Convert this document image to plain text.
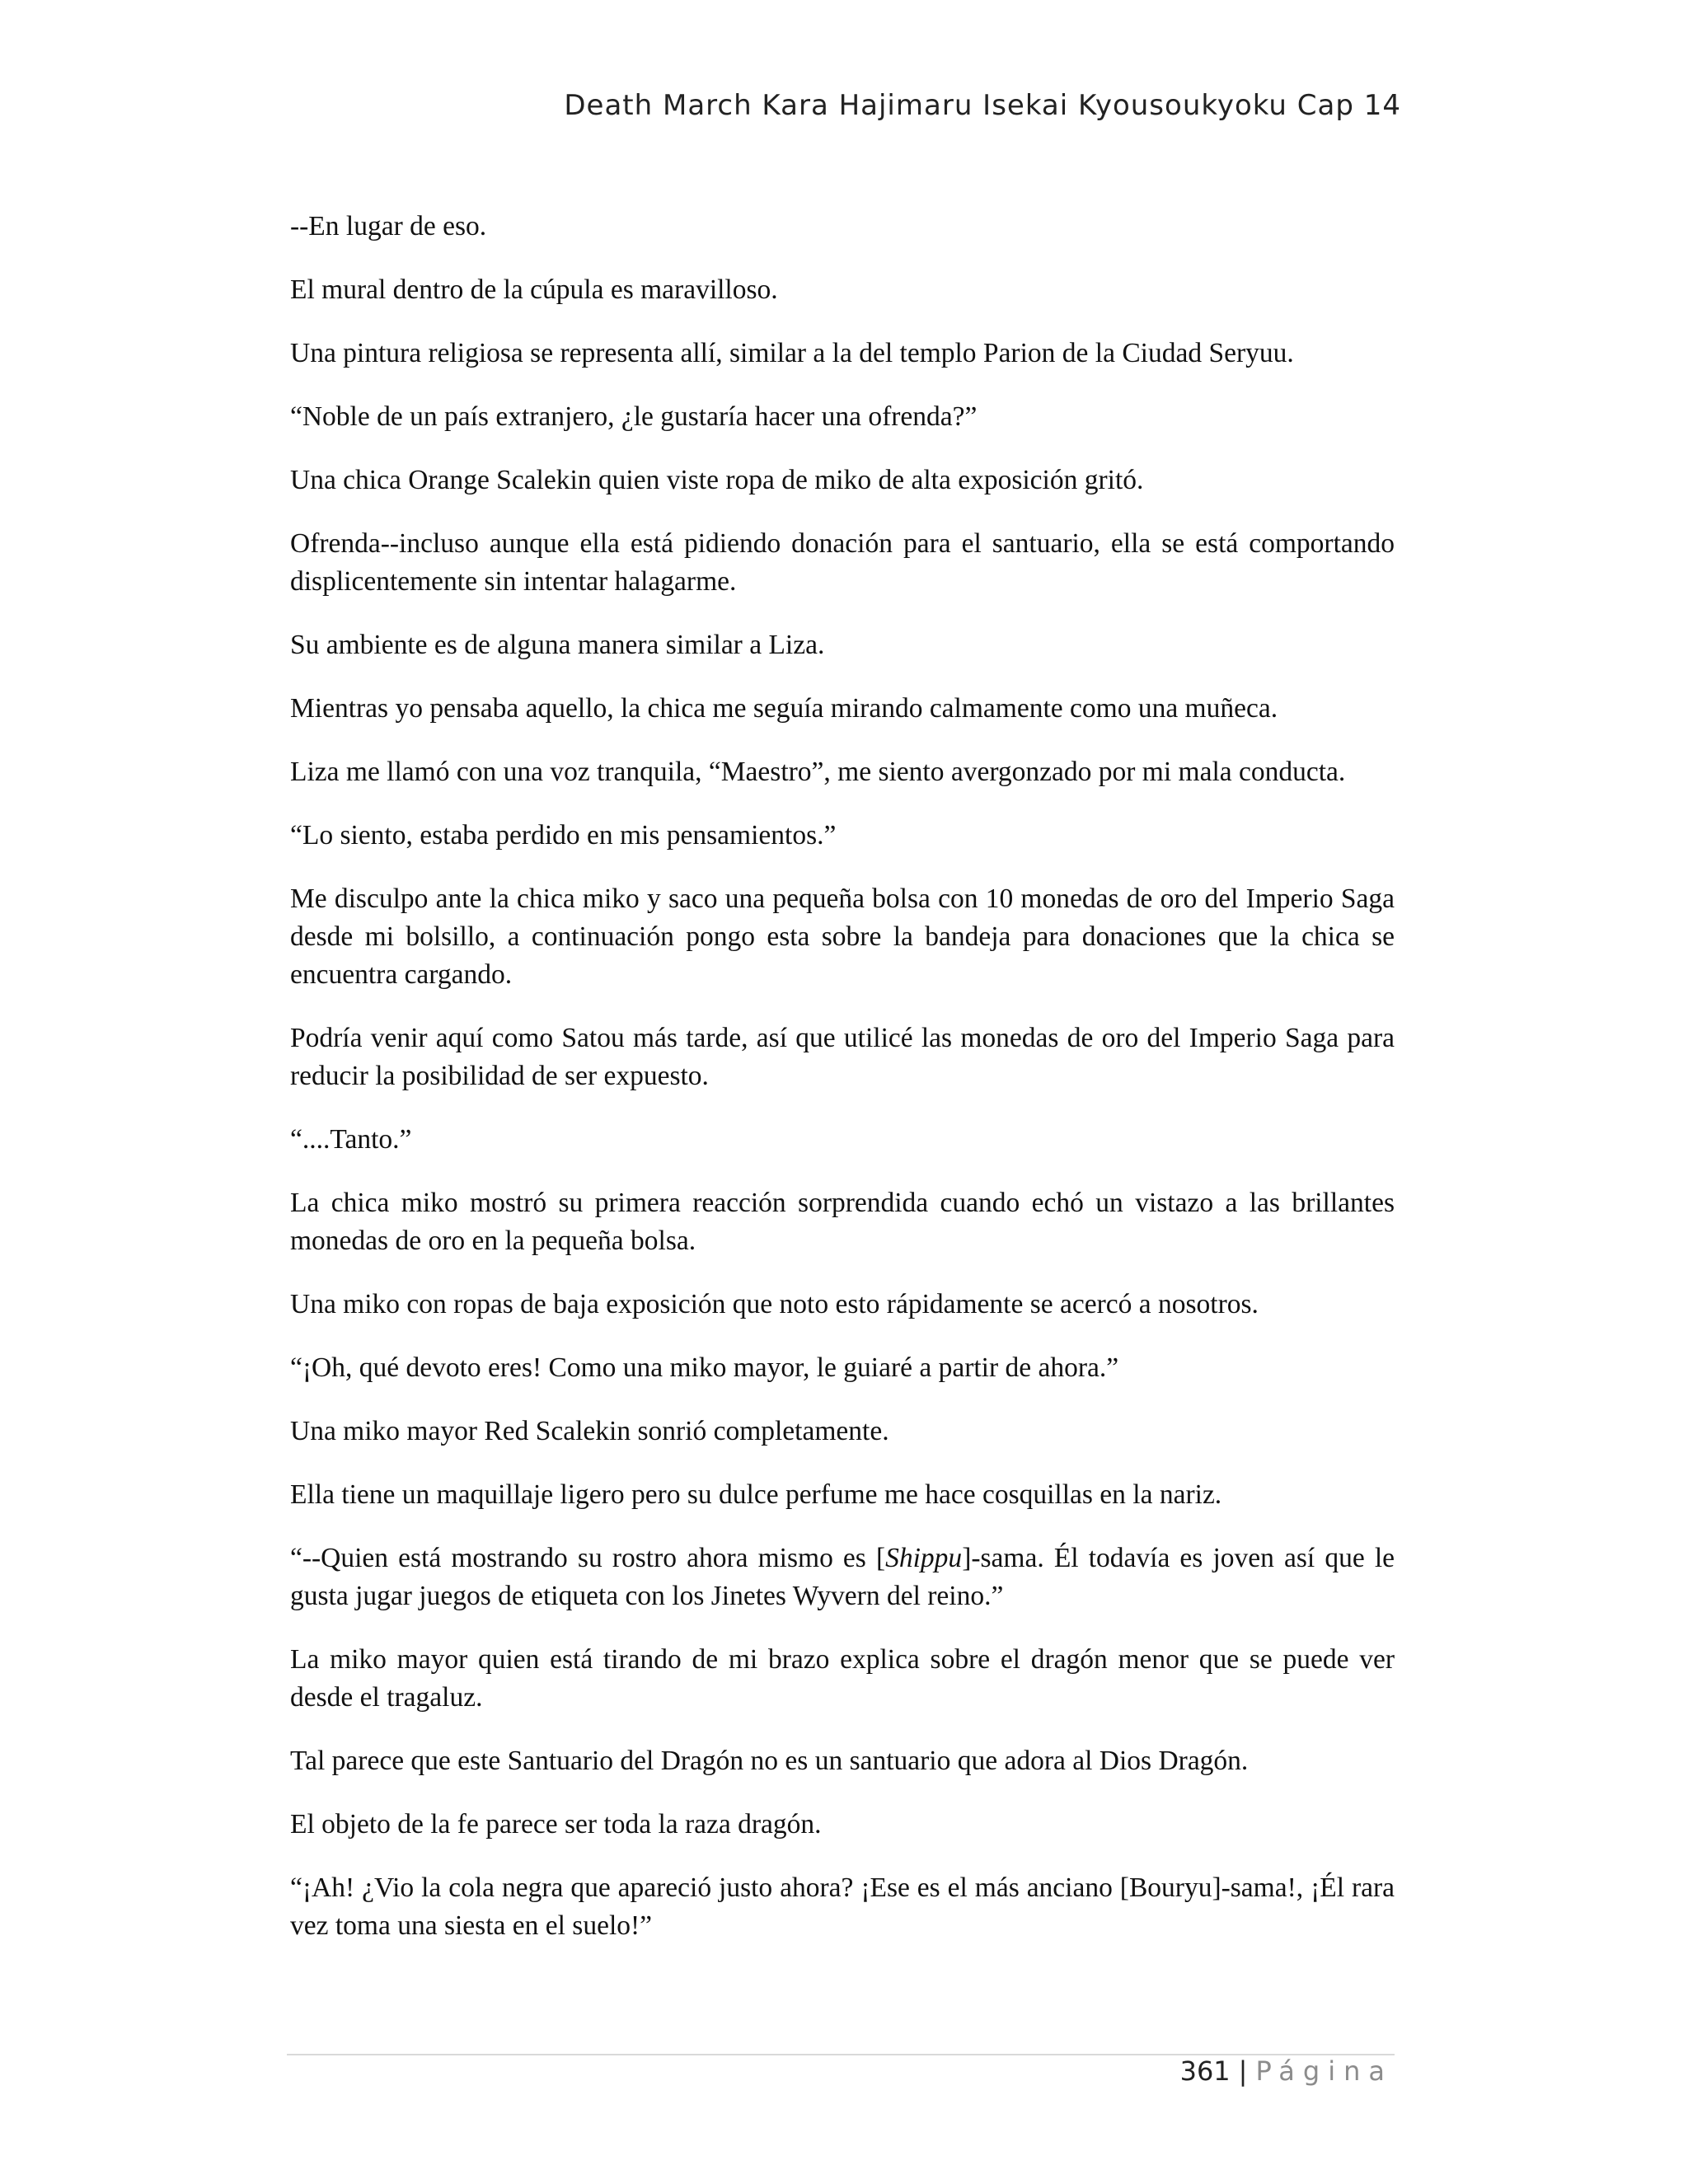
Death March Kara Hajimaru Isekai Kyousoukyoku Cap 14

--En lugar de eso.

El mural dentro de la cúpula es maravilloso.

Una pintura religiosa se representa allí, similar a la del templo Parion de la Ciudad Seryuu.

“Noble de un país extranjero, ¿le gustaría hacer una ofrenda?”

Una chica Orange Scalekin quien viste ropa de miko de alta exposición gritó.

Ofrenda--incluso aunque ella está pidiendo donación para el santuario, ella se está comportando displicentemente sin intentar halagarme.

Su ambiente es de alguna manera similar a Liza.

Mientras yo pensaba aquello, la chica me seguía mirando calmamente como una muñeca.

Liza me llamó con una voz tranquila, “Maestro”, me siento avergonzado por mi mala conducta.

“Lo siento, estaba perdido en mis pensamientos.”

Me disculpo ante la chica miko y saco una pequeña bolsa con 10 monedas de oro del Imperio Saga desde mi bolsillo, a continuación pongo esta sobre la bandeja para donaciones que la chica se encuentra cargando.

Podría venir aquí como Satou más tarde, así que utilicé las monedas de oro del Imperio Saga para reducir la posibilidad de ser expuesto.

“....Tanto.”

La chica miko mostró su primera reacción sorprendida cuando echó un vistazo a las brillantes monedas de oro en la pequeña bolsa.

Una miko con ropas de baja exposición que noto esto rápidamente se acercó a nosotros.

“¡Oh, qué devoto eres! Como una miko mayor, le guiaré a partir de ahora.”

Una miko mayor Red Scalekin sonrió completamente.

Ella tiene un maquillaje ligero pero su dulce perfume me hace cosquillas en la nariz.

“--Quien está mostrando su rostro ahora mismo es [Shippu]-sama. Él todavía es joven así que le gusta jugar juegos de etiqueta con los Jinetes Wyvern del reino.”

La miko mayor quien está tirando de mi brazo explica sobre el dragón menor que se puede ver desde el tragaluz.

Tal parece que este Santuario del Dragón no es un santuario que adora al Dios Dragón.

El objeto de la fe parece ser toda la raza dragón.

“¡Ah! ¿Vio la cola negra que apareció justo ahora? ¡Ese es el más anciano [Bouryu]-sama!, ¡Él rara vez toma una siesta en el suelo!”

361 | Página
